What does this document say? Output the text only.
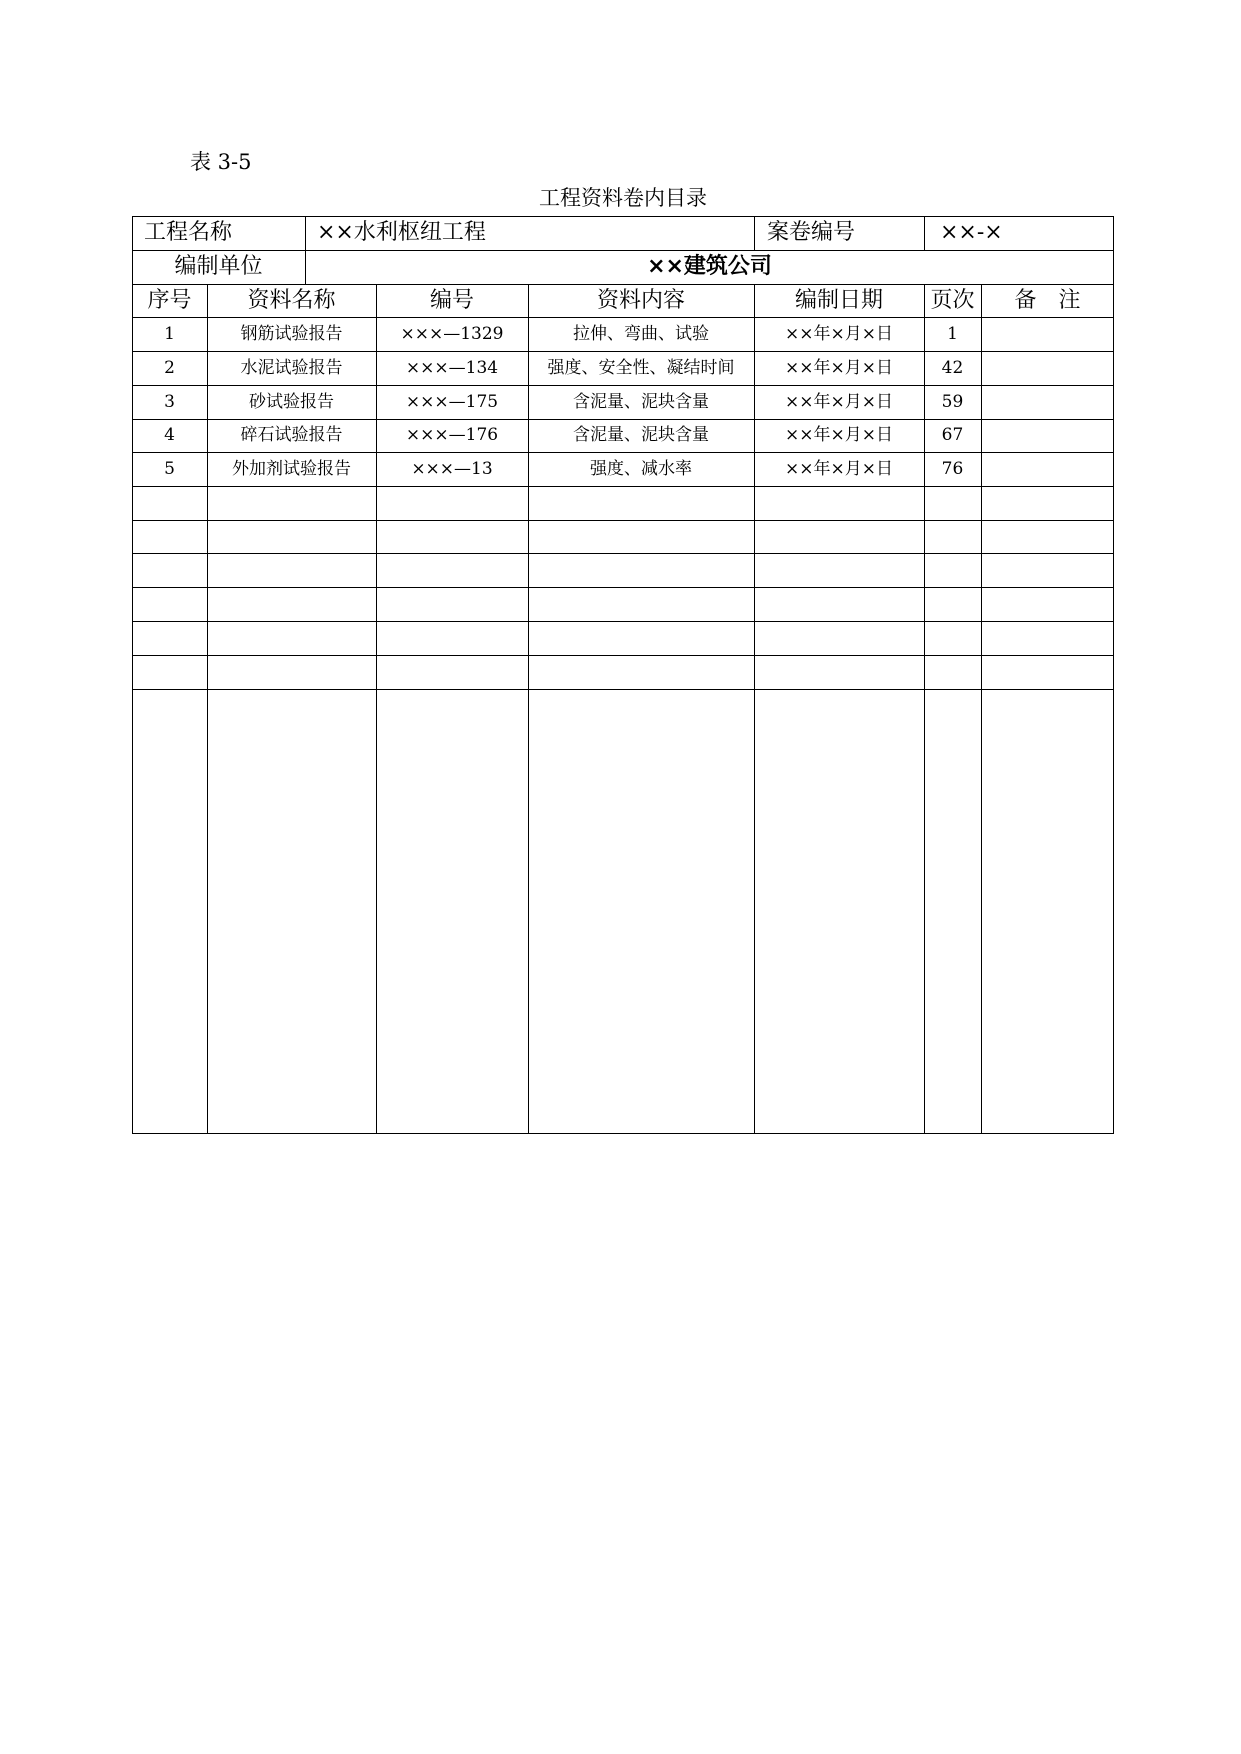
表 3-5
工程资料卷内目录
工程名称	××水利枢纽工程	案卷编号	××-×
编制单位	××建筑公司
序号	资料名称	编号	资料内容	编制日期	页次	备　注
1	钢筋试验报告	×××—1329	拉伸、弯曲、试验	××年×月×日	1
2	水泥试验报告	×××—134	强度、安全性、凝结时间	××年×月×日	42
3	砂试验报告	×××—175	含泥量、泥块含量	××年×月×日	59
4	碎石试验报告	×××—176	含泥量、泥块含量	××年×月×日	67
5	外加剂试验报告	×××—13	强度、减水率	××年×月×日	76
